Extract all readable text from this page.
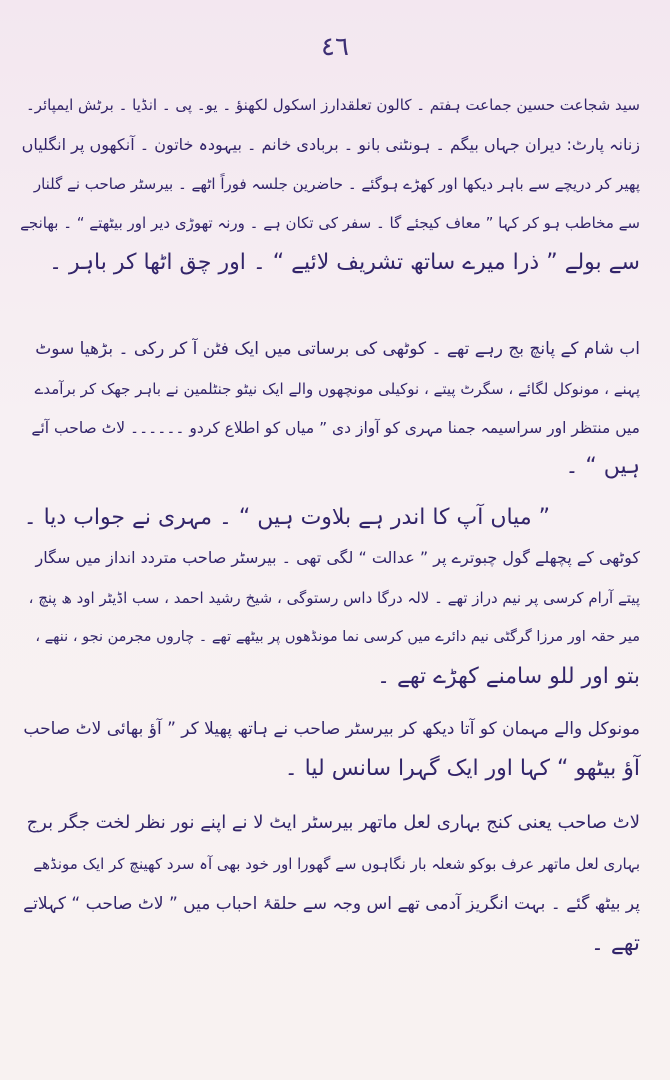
٤٦
سید شجاعت حسین جماعت ہفتم ۔ کالون تعلقدارز اسکول لکھنؤ ۔ یو۔ پی ۔ انڈیا ۔ برٹش ایمپائر۔
زنانہ پارٹ: دیران جہاں بیگم ۔ ہونٹنی بانو ۔ بربادی خانم ۔ بیہودہ خاتون ۔ آنکھوں پر انگلیاں
پھیر کر دریچے سے باہر دیکھا اور کھڑے ہوگئے ۔ حاضرین جلسہ فوراً اٹھے ۔ بیرسٹر صاحب نے گلنار
سے مخاطب ہو کر کہا ” معاف کیجئے گا ۔ سفر کی تکان ہے ۔ ورنہ تھوڑی دیر اور بیٹھتے “ ۔ بھانجے
سے بولے ” ذرا میرے ساتھ تشریف لائیے “ ۔ اور چق اٹھا کر باہر ۔
اب شام کے پانچ بج رہے تھے ۔ کوٹھی کی برساتی میں ایک فٹن آ کر رکی ۔ بڑھیا سوٹ
پہنے ، مونوکل لگائے ، سگرٹ پیتے ، نوکیلی مونچھوں والے ایک نیٹو جنٹلمین نے باہر جھک کر برآمدے
میں منتظر اور سراسیمہ جمنا مہری کو آواز دی ” میاں کو اطلاع کردو ۔۔۔۔۔۔ لاٹ صاحب آئے
ہیں “ ۔
” میاں آپ کا اندر ہے بلاوت ہیں “ ۔ مہری نے جواب دیا ۔
کوٹھی کے پچھلے گول چبوترے پر ” عدالت “ لگی تھی ۔ بیرسٹر صاحب متردد انداز میں سگار
پیتے آرام کرسی پر نیم دراز تھے ۔ لالہ درگا داس رستوگی ، شیخ رشید احمد ، سب اڈیٹر اود ھ پنچ ،
میر حقہ اور مرزا گرگٹی نیم دائرے میں کرسی نما مونڈھوں پر بیٹھے تھے ۔ چاروں مجرمن نجو ، ننھے ،
بتو اور للو سامنے کھڑے تھے ۔
مونوکل والے مہمان کو آتا دیکھ کر بیرسٹر صاحب نے ہاتھ پھیلا کر ” آؤ بھائی لاٹ صاحب
آؤ بیٹھو “ کہا اور ایک گہرا سانس لیا ۔
لاٹ صاحب یعنی کنج بہاری لعل ماتھر بیرسٹر ایٹ لا نے اپنے نور نظر لخت جگر برج
بہاری لعل ماتھر عرف بوکو شعلہ بار نگاہوں سے گھورا اور خود بھی آہ سرد کھینچ کر ایک مونڈھے
پر بیٹھ گئے ۔ بہت انگریز آدمی تھے اس وجہ سے حلقۂ احباب میں ” لاٹ صاحب “ کہلاتے
تھے ۔
